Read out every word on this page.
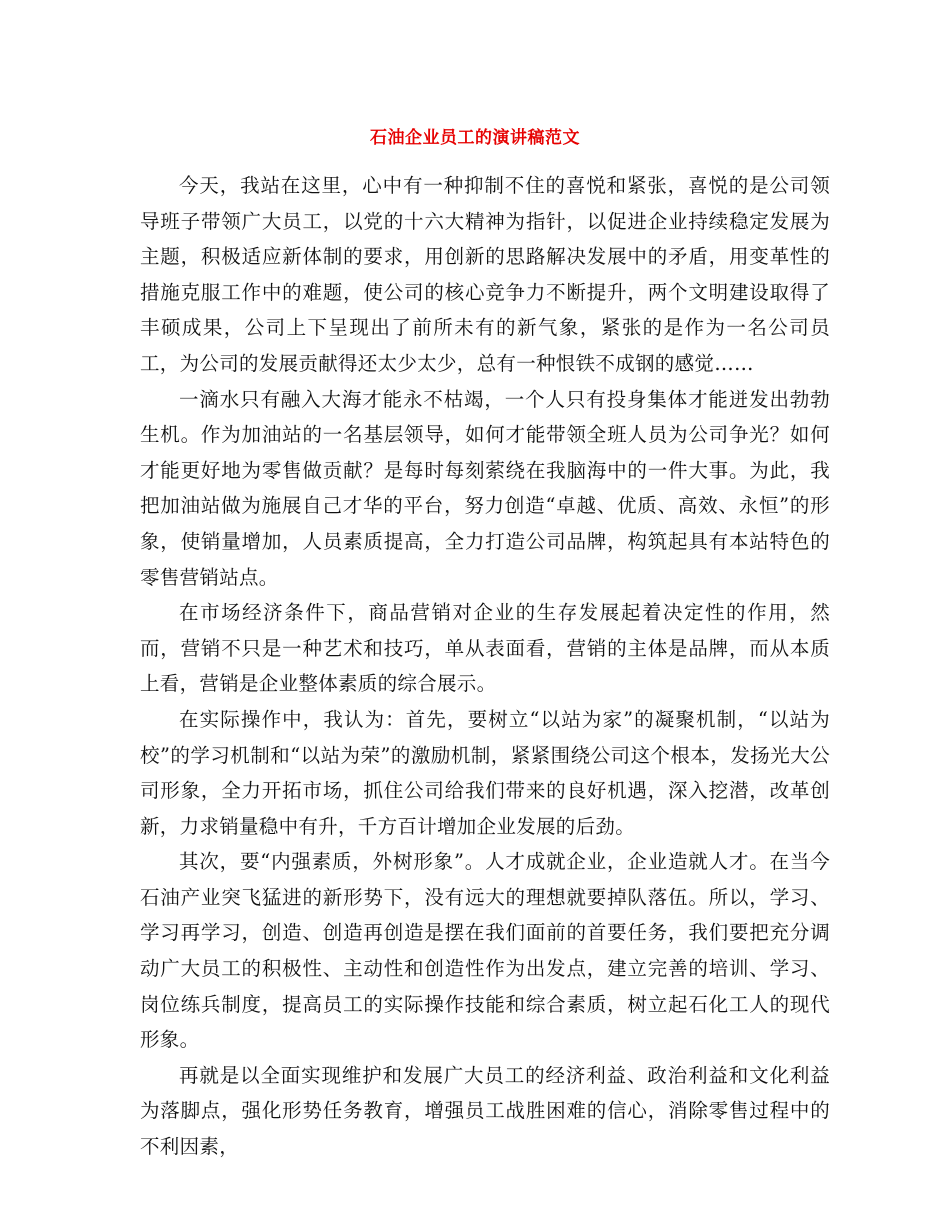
石油企业员工的演讲稿范文

今天，我站在这里，心中有一种抑制不住的喜悦和紧张，喜悦的是公司领导班子带领广大员工，以党的十六大精神为指针，以促进企业持续稳定发展为主题，积极适应新体制的要求，用创新的思路解决发展中的矛盾，用变革性的措施克服工作中的难题，使公司的核心竞争力不断提升，两个文明建设取得了丰硕成果，公司上下呈现出了前所未有的新气象，紧张的是作为一名公司员工，为公司的发展贡献得还太少太少，总有一种恨铁不成钢的感觉……

一滴水只有融入大海才能永不枯竭，一个人只有投身集体才能迸发出勃勃生机。作为加油站的一名基层领导，如何才能带领全班人员为公司争光？如何才能更好地为零售做贡献？是每时每刻萦绕在我脑海中的一件大事。为此，我把加油站做为施展自己才华的平台，努力创造“卓越、优质、高效、永恒”的形象，使销量增加，人员素质提高，全力打造公司品牌，构筑起具有本站特色的零售营销站点。

在市场经济条件下，商品营销对企业的生存发展起着决定性的作用，然而，营销不只是一种艺术和技巧，单从表面看，营销的主体是品牌，而从本质上看，营销是企业整体素质的综合展示。

在实际操作中，我认为：首先，要树立“以站为家”的凝聚机制，“以站为校”的学习机制和“以站为荣”的激励机制，紧紧围绕公司这个根本，发扬光大公司形象，全力开拓市场，抓住公司给我们带来的良好机遇，深入挖潜，改革创新，力求销量稳中有升，千方百计增加企业发展的后劲。

其次，要“内强素质，外树形象”。人才成就企业，企业造就人才。在当今石油产业突飞猛进的新形势下，没有远大的理想就要掉队落伍。所以，学习、学习再学习，创造、创造再创造是摆在我们面前的首要任务，我们要把充分调动广大员工的积极性、主动性和创造性作为出发点，建立完善的培训、学习、岗位练兵制度，提高员工的实际操作技能和综合素质，树立起石化工人的现代形象。

再就是以全面实现维护和发展广大员工的经济利益、政治利益和文化利益为落脚点，强化形势任务教育，增强员工战胜困难的信心，消除零售过程中的不利因素，
